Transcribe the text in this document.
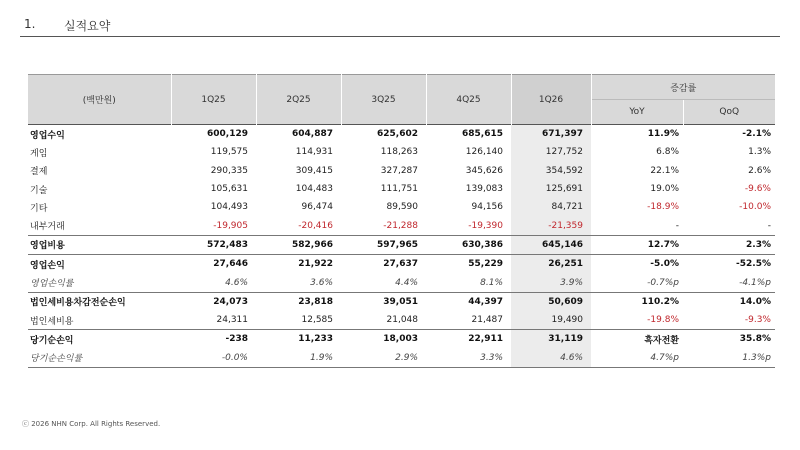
1. 실적요약
(백만원)	1Q25	2Q25	3Q25	4Q25	1Q26	증감률	
						YoY	QoQ
영업수익	600,129	604,887	625,602	685,615	671,397	11.9%	-2.1%
게임	119,575	114,931	118,263	126,140	127,752	6.8%	1.3%
결제	290,335	309,415	327,287	345,626	354,592	22.1%	2.6%
기술	105,631	104,483	111,751	139,083	125,691	19.0%	-9.6%
기타	104,493	96,474	89,590	94,156	84,721	-18.9%	-10.0%
내부거래	-19,905	-20,416	-21,288	-19,390	-21,359	-	-
영업비용	572,483	582,966	597,965	630,386	645,146	12.7%	2.3%
영업손익	27,646	21,922	27,637	55,229	26,251	-5.0%	-52.5%
영업손익률	4.6%	3.6%	4.4%	8.1%	3.9%	-0.7%p	-4.1%p
법인세비용차감전순손익	24,073	23,818	39,051	44,397	50,609	110.2%	14.0%
법인세비용	24,311	12,585	21,048	21,487	19,490	-19.8%	-9.3%
당기순손익	-238	11,233	18,003	22,911	31,119	흑자전환	35.8%
당기순손익률	-0.0%	1.9%	2.9%	3.3%	4.6%	4.7%p	1.3%p
ⓒ 2026 NHN Corp. All Rights Reserved.
